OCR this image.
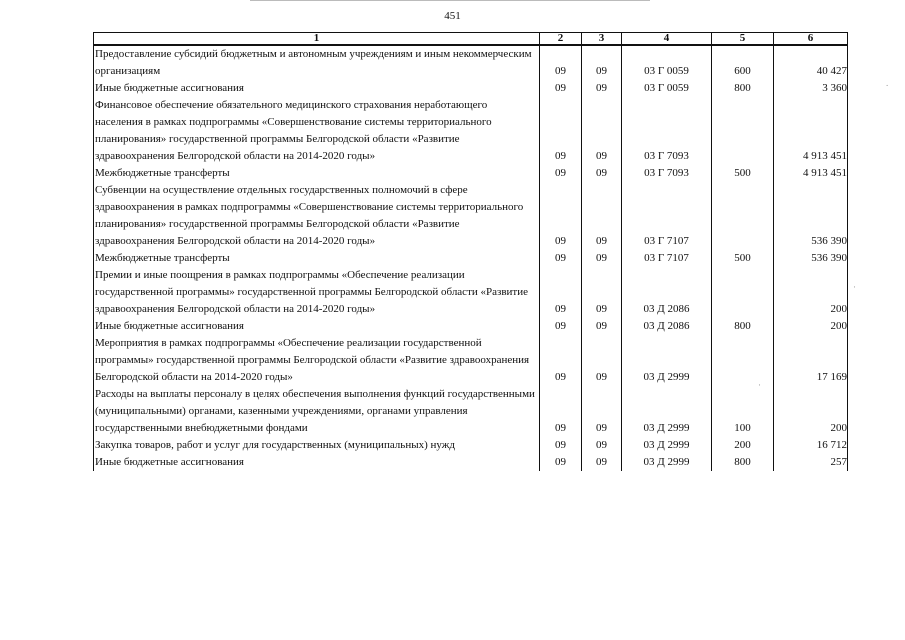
451
1	2	3	4	5	6
Предоставление субсидий бюджетным и автономным учреждениям и иным некоммерческим организациям	09	09	03 Г 0059	600	40 427
Иные бюджетные ассигнования	09	09	03 Г 0059	800	3 360
Финансовое обеспечение обязательного медицинского страхования неработающего населения в рамках подпрограммы «Совершенствование системы территориального планирования» государственной программы Белгородской области «Развитие здравоохранения Белгородской области на 2014-2020 годы»	09	09	03 Г 7093		4 913 451
Межбюджетные трансферты	09	09	03 Г 7093	500	4 913 451
Субвенции на осуществление отдельных государственных полномочий в сфере здравоохранения в рамках подпрограммы «Совершенствование системы территориального планирования» государственной программы Белгородской области «Развитие здравоохранения Белгородской области на 2014-2020 годы»	09	09	03 Г 7107		536 390
Межбюджетные трансферты	09	09	03 Г 7107	500	536 390
Премии и иные поощрения в рамках подпрограммы «Обеспечение реализации государственной программы» государственной программы Белгородской области «Развитие здравоохранения Белгородской области на 2014-2020 годы»	09	09	03 Д 2086		200
Иные бюджетные ассигнования	09	09	03 Д 2086	800	200
Мероприятия в рамках подпрограммы «Обеспечение реализации государственной программы» государственной программы Белгородской области «Развитие здравоохранения Белгородской области на 2014-2020 годы»	09	09	03 Д 2999		17 169
Расходы на выплаты персоналу в целях обеспечения выполнения функций государственными (муниципальными) органами, казенными учреждениями, органами управления государственными внебюджетными фондами	09	09	03 Д 2999	100	200
Закупка товаров, работ и услуг для государственных (муниципальных) нужд	09	09	03 Д 2999	200	16 712
Иные бюджетные ассигнования	09	09	03 Д 2999	800	257
.
·
·
